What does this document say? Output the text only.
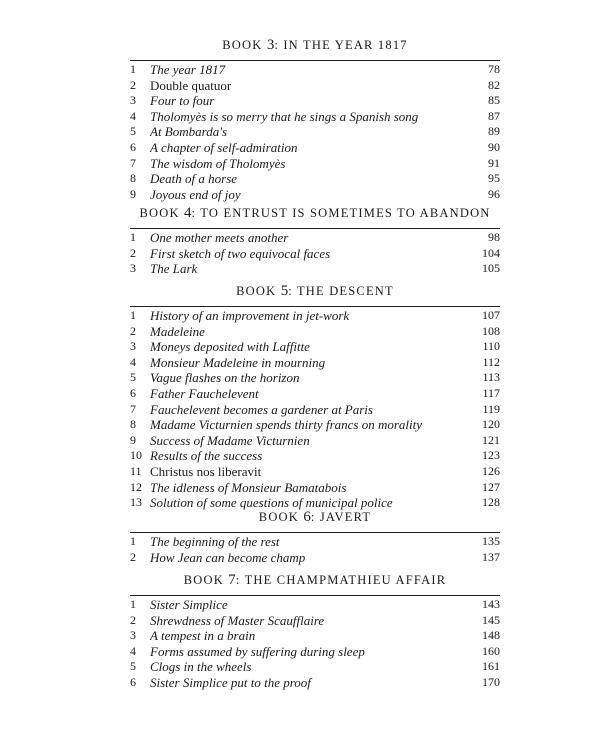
BOOK 3: IN THE YEAR 1817
1	The year 1817	78
2	Double quatuor	82
3	Four to four	85
4	Tholomyès is so merry that he sings a Spanish song	87
5	At Bombarda's	89
6	A chapter of self-admiration	90
7	The wisdom of Tholomyès	91
8	Death of a horse	95
9	Joyous end of joy	96
BOOK 4: TO ENTRUST IS SOMETIMES TO ABANDON
1	One mother meets another	98
2	First sketch of two equivocal faces	104
3	The Lark	105
BOOK 5: THE DESCENT
1	History of an improvement in jet-work	107
2	Madeleine	108
3	Moneys deposited with Laffitte	110
4	Monsieur Madeleine in mourning	112
5	Vague flashes on the horizon	113
6	Father Fauchelevent	117
7	Fauchelevent becomes a gardener at Paris	119
8	Madame Victurnien spends thirty francs on morality	120
9	Success of Madame Victurnien	121
10 Results of the success	123
11 Christus nos liberavit	126
12 The idleness of Monsieur Bamatabois	127
13 Solution of some questions of municipal police	128
BOOK 6: JAVERT
1	The beginning of the rest	135
2	How Jean can become champ	137
BOOK 7: THE CHAMPMATHIEU AFFAIR
1	Sister Simplice	143
2	Shrewdness of Master Scaufflaire	145
3	A tempest in a brain	148
4	Forms assumed by suffering during sleep	160
5	Clogs in the wheels	161
6	Sister Simplice put to the proof	170
